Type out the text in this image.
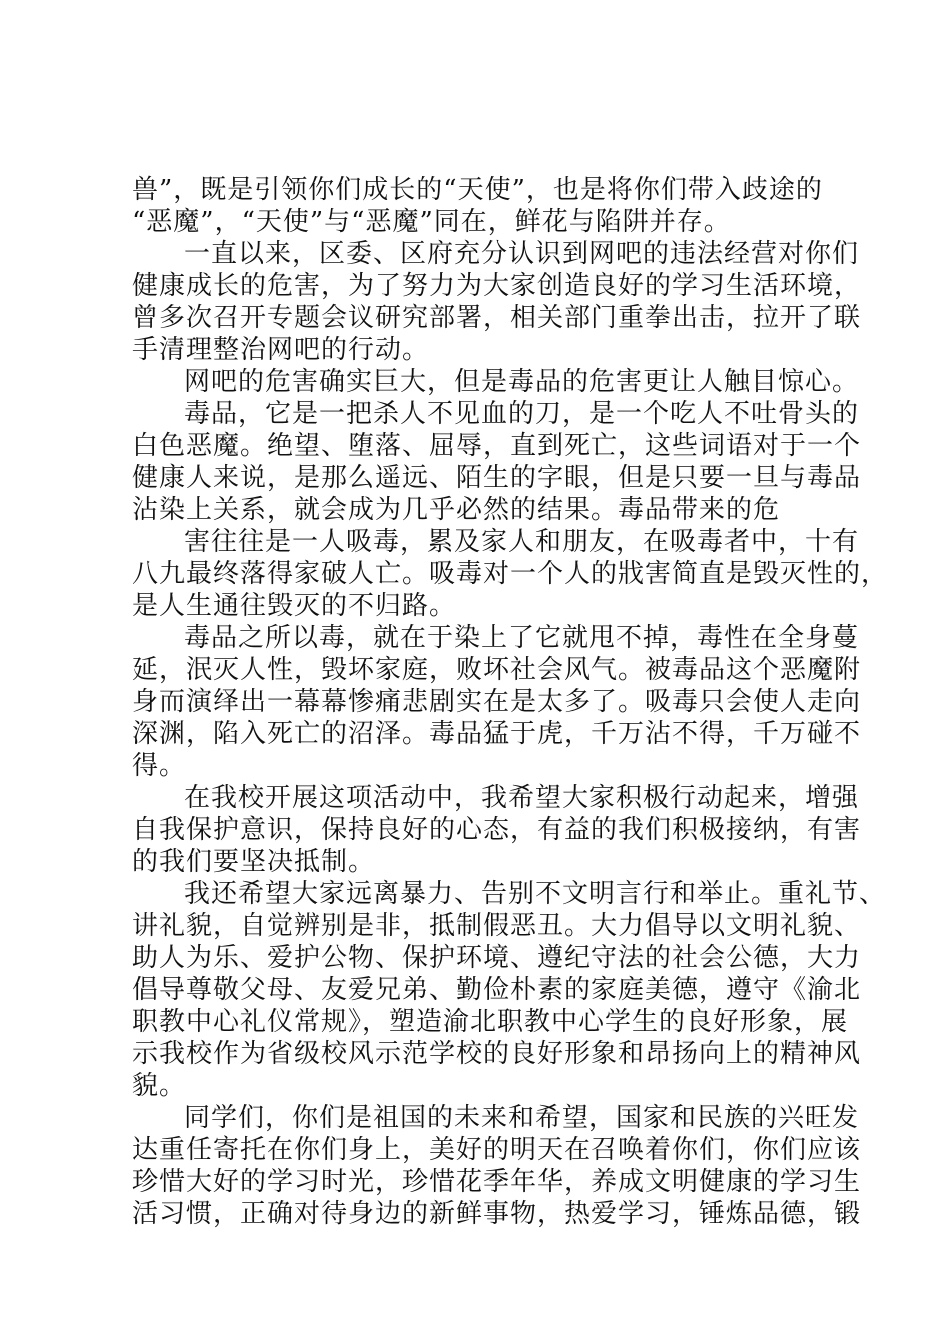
兽”，既是引领你们成长的“天使”，也是将你们带入歧途的
“恶魔”，“天使”与“恶魔”同在，鲜花与陷阱并存。
一直以来，区委、区府充分认识到网吧的违法经营对你们
健康成长的危害，为了努力为大家创造良好的学习生活环境，
曾多次召开专题会议研究部署，相关部门重拳出击，拉开了联
手清理整治网吧的行动。
网吧的危害确实巨大，但是毒品的危害更让人触目惊心。
毒品，它是一把杀人不见血的刀，是一个吃人不吐骨头的
白色恶魔。绝望、堕落、屈辱，直到死亡，这些词语对于一个
健康人来说，是那么遥远、陌生的字眼，但是只要一旦与毒品
沾染上关系，就会成为几乎必然的结果。毒品带来的危
害往往是一人吸毒，累及家人和朋友，在吸毒者中，十有
八九最终落得家破人亡。吸毒对一个人的戕害简直是毁灭性的，
是人生通往毁灭的不归路。
毒品之所以毒，就在于染上了它就甩不掉，毒性在全身蔓
延，泯灭人性，毁坏家庭，败坏社会风气。被毒品这个恶魔附
身而演绎出一幕幕惨痛悲剧实在是太多了。吸毒只会使人走向
深渊，陷入死亡的沼泽。毒品猛于虎，千万沾不得，千万碰不
得。
在我校开展这项活动中，我希望大家积极行动起来，增强
自我保护意识，保持良好的心态，有益的我们积极接纳，有害
的我们要坚决抵制。
我还希望大家远离暴力、告别不文明言行和举止。重礼节、
讲礼貌，自觉辨别是非，抵制假恶丑。大力倡导以文明礼貌、
助人为乐、爱护公物、保护环境、遵纪守法的社会公德，大力
倡导尊敬父母、友爱兄弟、勤俭朴素的家庭美德，遵守《渝北
职教中心礼仪常规》，塑造渝北职教中心学生的良好形象，展
示我校作为省级校风示范学校的良好形象和昂扬向上的精神风
貌。
同学们，你们是祖国的未来和希望，国家和民族的兴旺发
达重任寄托在你们身上，美好的明天在召唤着你们，你们应该
珍惜大好的学习时光，珍惜花季年华，养成文明健康的学习生
活习惯，正确对待身边的新鲜事物，热爱学习，锤炼品德，锻
